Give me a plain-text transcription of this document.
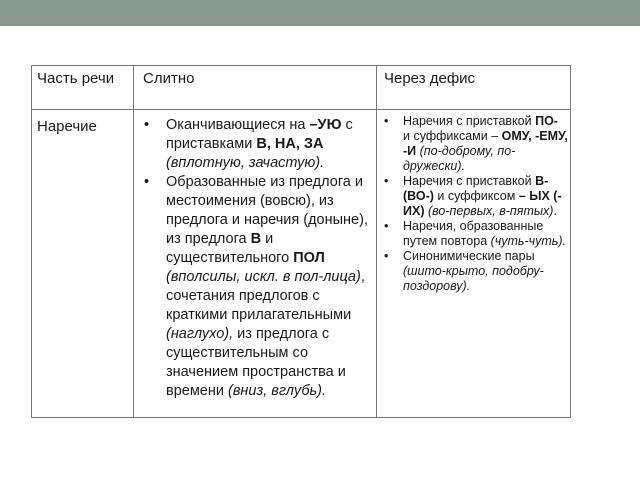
Часть речи	Слитно	Через дефис
Наречие
•	Оканчивающиеся на –УЮ с приставками В, НА, ЗА (вплотную, зачастую).
• Образованные из предлога и местоимения (вовсю), из предлога и наречия (доныне), из предлога В и существительного ПОЛ (вполсилы, искл. в пол-лица), сочетания предлогов с краткими прилагательными (наглухо), из предлога с существительным со значением пространства и времени (вниз, вглубь).
• Наречия с приставкой ПО- и суффиксами – ОМУ, -ЕМУ, -И (по-доброму, по-дружески).
• Наречия с приставкой В- (ВО-) и суффиксом – ЫХ (-ИХ) (во-первых, в-пятых).
• Наречия, образованные путем повтора (чуть-чуть).
• Синонимические пары (шито-крыто, подобру-поздорову).
